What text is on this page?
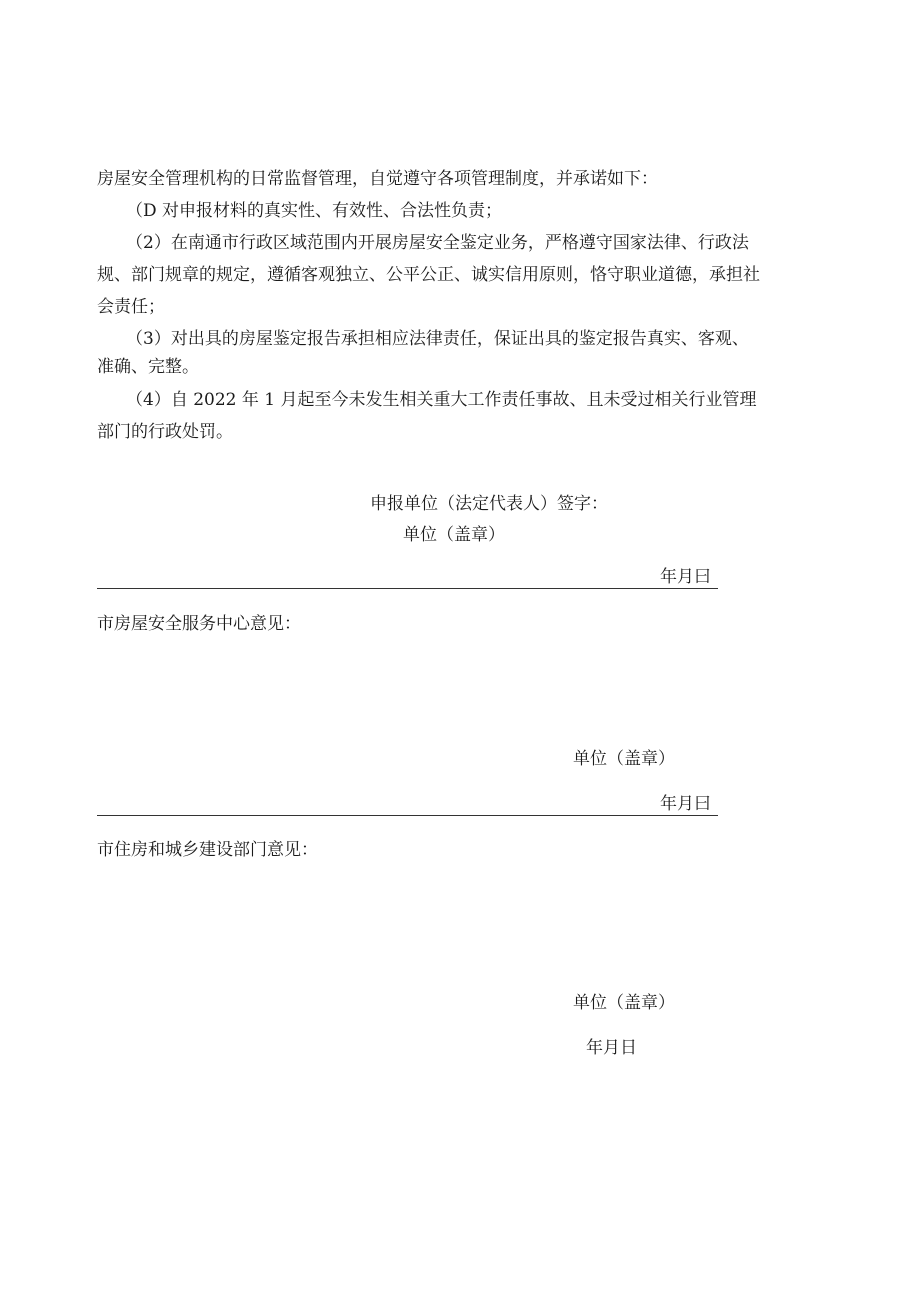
房屋安全管理机构的日常监督管理，自觉遵守各项管理制度，并承诺如下：
（D 对申报材料的真实性、有效性、合法性负责；
（2）在南通市行政区域范围内开展房屋安全鉴定业务，严格遵守国家法律、行政法
规、部门规章的规定，遵循客观独立、公平公正、诚实信用原则，恪守职业道德，承担社
会责任；
（3）对出具的房屋鉴定报告承担相应法律责任，保证出具的鉴定报告真实、客观、
准确、完整。
（4）自 2022 年 1 月起至今未发生相关重大工作责任事故、且未受过相关行业管理
部门的行政处罚。
申报单位（法定代表人）签字：
单位（盖章）
年月曰
市房屋安全服务中心意见：
单位（盖章）
年月曰
市住房和城乡建设部门意见：
单位（盖章）
年月日
